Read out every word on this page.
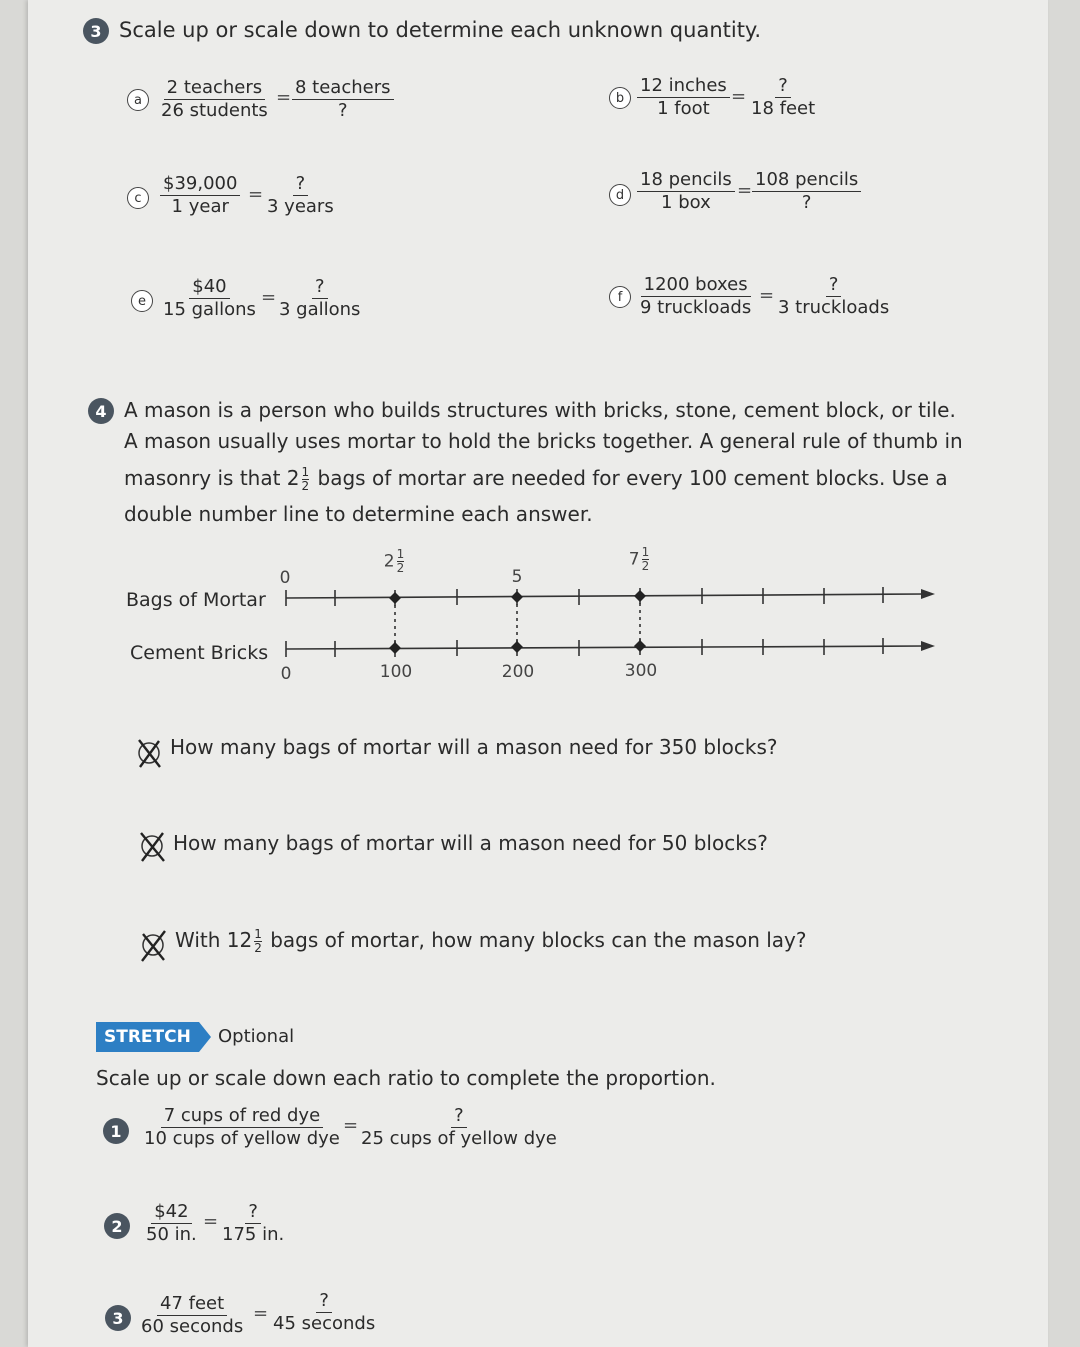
3 Scale up or scale down to determine each unknown quantity.
a
2 teachers
26 students
= 8 teachers
?
b
12 inches
1 foot
=
?
18 feet
c
$39,000
1 year
=
?
3 years
d
18 pencils
1 box
=
108 pencils
?
e
$40
15 gallons
=
?
3 gallons
f
1200 boxes
9 truckloads
=
?
3 truckloads
4 A mason is a person who builds structures with bricks, stone, cement block, or tile.
A mason usually uses mortar to hold the bricks together. A general rule of thumb in
masonry is that $2 \frac{1}{2}$ bags of mortar are needed for every 100 cement blocks. Use a
double number line to determine each answer.
Bags of Mortar
Cement Bricks
0
$2 \frac{1}{2}$
5
$7 \frac{1}{2}$
0	100	200	300
How many bags of mortar will a mason need for 350 blocks?
How many bags of mortar will a mason need for 50 blocks?
With $12 \frac{1}{2}$ bags of mortar, how many blocks can the mason lay?
STRETCH	Optional
Scale up or scale down each ratio to complete the proportion.
1
7 cups of red dye
10 cups of yellow dye
=	?
25 cups of yellow dye
2	$\frac{\$42}{50 in.}$ = ?
175 in.
3
47 feet
60 seconds
=
?
45 seconds
